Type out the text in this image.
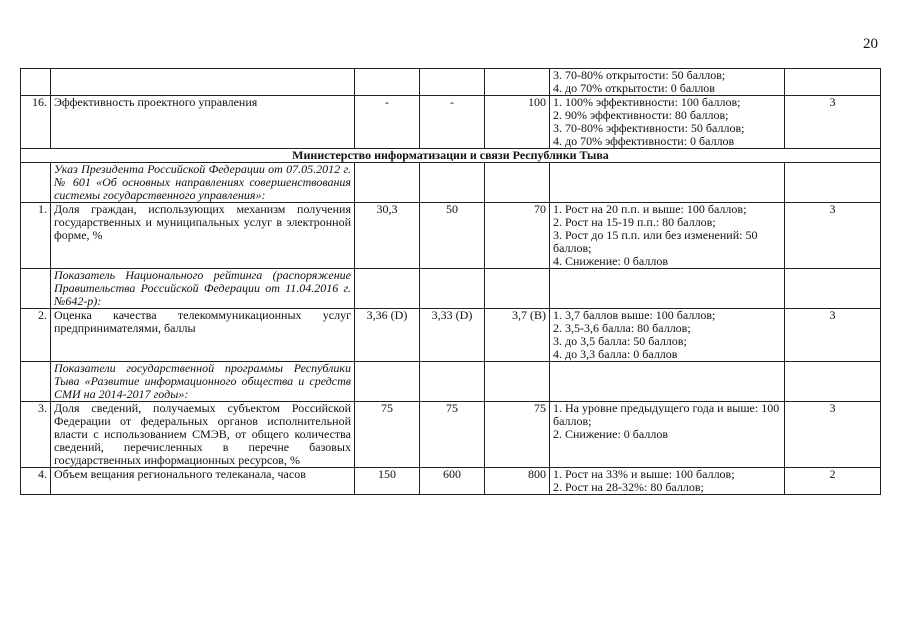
20

					3. 70-80% открытости: 50 баллов;
4. до 70% открытости: 0 баллов	

16.	Эффективность проектного управления	-	-	100	1. 100% эффективности: 100 баллов;
2. 90% эффективности: 80 баллов;
3. 70-80% эффективности: 50 баллов;
4. до 70% эффективности: 0 баллов	3
Министерство информатизации и связи Республики Тыва						
	Указ Президента Российской Федерации от 07.05.2012 г. № 601 «Об основных направлениях совершенствования системы государственного управления»:					
1.	Доля граждан, использующих механизм получения государственных и муниципальных услуг в электронной форме, %	30,3	50	70	1. Рост на 20 п.п. и выше: 100 баллов;
2. Рост на 15-19 п.п.: 80 баллов;
3. Рост до 15 п.п. или без изменений: 50 баллов;
4. Снижение: 0 баллов	3
	Показатель Национального рейтинга (распоряжение Правительства Российской Федерации от 11.04.2016 г. №642-р):					
2.	Оценка качества телекоммуникационных услуг предпринимателями, баллы	3,36 (D)	3,33 (D)	3,7 (B)	1. 3,7 баллов выше: 100 баллов;
2. 3,5-3,6 балла: 80 баллов;
3. до 3,5 балла: 50 баллов;
4. до 3,3 балла: 0 баллов	3
	Показатели государственной программы Республики Тыва «Развитие информационного общества и средств СМИ на 2014-2017 годы»:					
3.	Доля сведений, получаемых субъектом Российской Федерации от федеральных органов исполнительной власти с использованием СМЭВ, от общего количества сведений, перечисленных в перечне базовых государственных информационных ресурсов, %	75	75	75	1. На уровне предыдущего года и выше: 100 баллов;
2. Снижение: 0 баллов	3
4.	Объем вещания регионального телеканала, часов	150	600	800	1. Рост на 33% и выше: 100 баллов;
2. Рост на 28-32%: 80 баллов;	2
